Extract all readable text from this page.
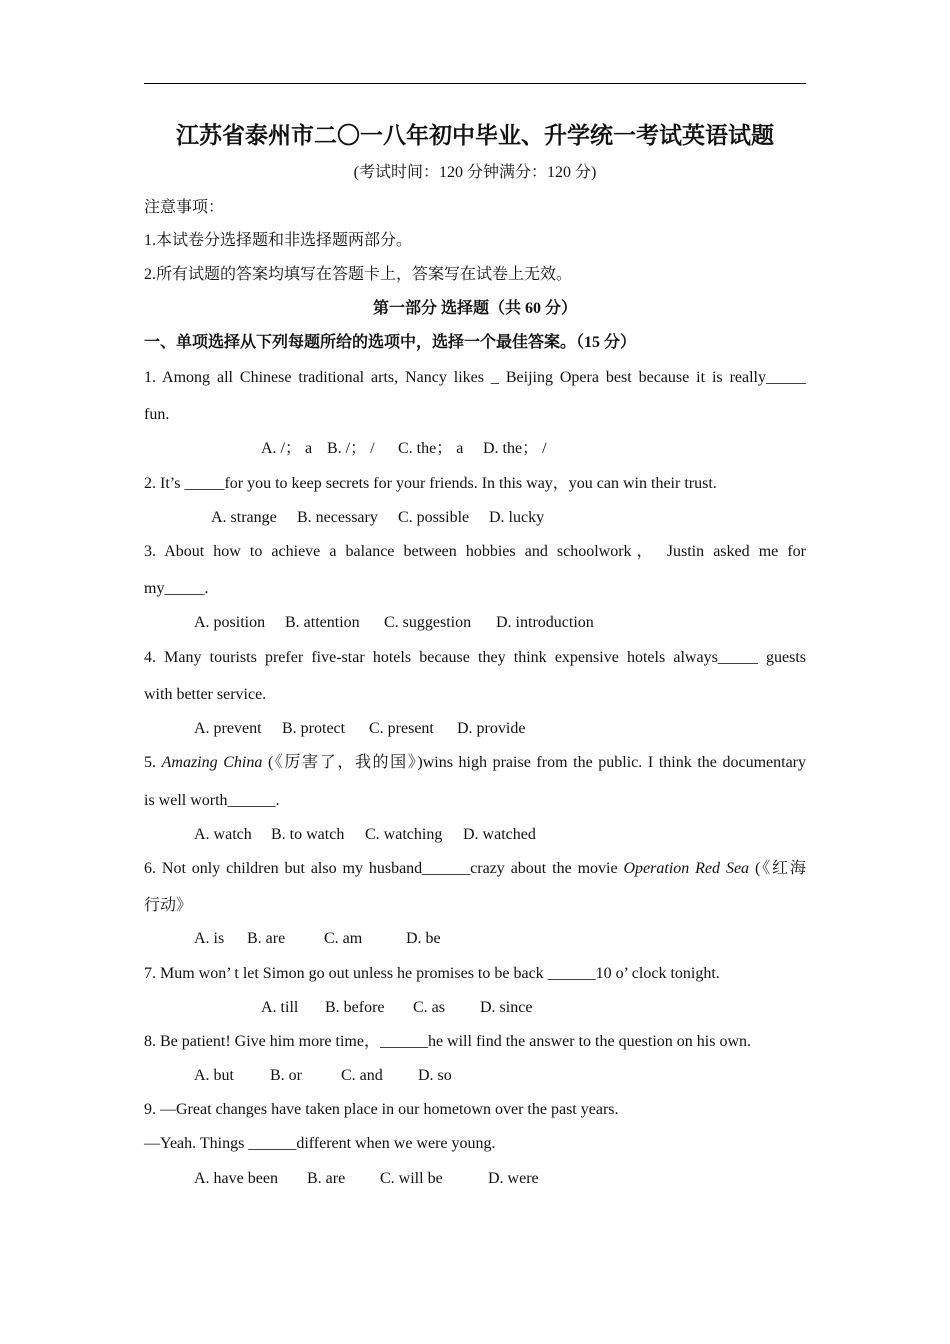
江苏省泰州市二〇一八年初中毕业、升学统一考试英语试题
(考试时间：120 分钟满分：120 分)
注意事项：
1.本试卷分选择题和非选择题两部分。
2.所有试题的答案均填写在答题卡上，答案写在试卷上无效。
第一部分 选择题（共 60 分）
一、单项选择从下列每题所给的选项中，选择一个最佳答案。（15 分）
1. Among all Chinese traditional arts, Nancy likes _ Beijing Opera best because it is really_____
fun.
A. /； a B. /； / C. the； a D. the； /
2. It’s _____for you to keep secrets for your friends. In this way，you can win their trust.
A. strange B. necessary C. possible D. lucky
3. About how to achieve a balance between hobbies and schoolwork， Justin asked me for
my_____.
A. position B. attention C. suggestion D. introduction
4. Many tourists prefer five-star hotels because they think expensive hotels always_____ guests
with better service.
A. prevent B. protect C. present D. provide
5. Amazing China (《厉害了，我的国》)wins high praise from the public. I think the documentary
is well worth______.
A. watch B. to watch C. watching D. watched
6. Not only children but also my husband______crazy about the movie Operation Red Sea (《红海
行动》
A. is B. are C. am	D. be
7. Mum won’ t let Simon go out unless he promises to be back ______10 o’ clock tonight.
A. till B. before C. as D. since
8. Be patient! Give him more time，______he will find the answer to the question on his own.
A. but B. or C. and D. so
9. —Great changes have taken place in our hometown over the past years.
—Yeah. Things ______different when we were young.
A. have been B. are C. will be	D. were
